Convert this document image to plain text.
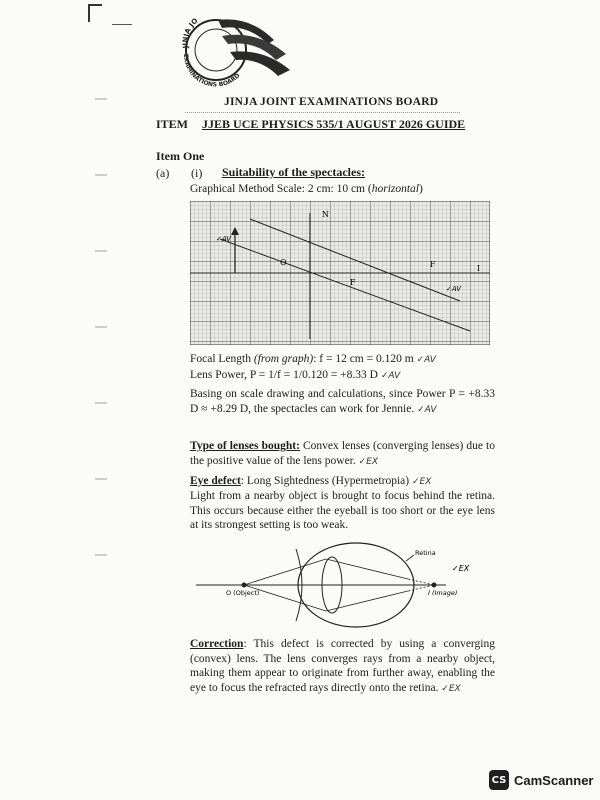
JINJA JO
EXAMINATIONS BOARD
JINJA JOINT EXAMINATIONS BOARD
ITEM JJEB UCE PHYSICS 535/1 AUGUST 2026 GUIDE
Item One
(a) (i) Suitability of the spectacles:
Graphical Method Scale: 2 cm: 10 cm (horizontal)
N
✓AV
O	F
F
I
✓AV
Focal Length (from graph): f = 12 cm = 0.120 m ✓AV
Lens Power, P = 1/f = 1/0.120 = +8.33 D ✓AV
Basing on scale drawing and calculations, since Power P = +8.33 D ≈ +8.29 D, the spectacles can work for Jennie. ✓AV
Type of lenses bought: Convex lenses (converging lenses) due to the positive value of the lens power. ✓EX
Eye defect: Long Sightedness (Hypermetropia) ✓EX
Light from a nearby object is brought to focus behind the retina. This occurs because either the eyeball is too short or the eye lens at its strongest setting is too weak.
Retina
O (Object)	I (Image)
✓EX
Correction: This defect is corrected by using a converging (convex) lens. The lens converges rays from a nearby object, making them appear to originate from further away, enabling the eye to focus the refracted rays directly onto the retina. ✓EX
CS CamScanner
